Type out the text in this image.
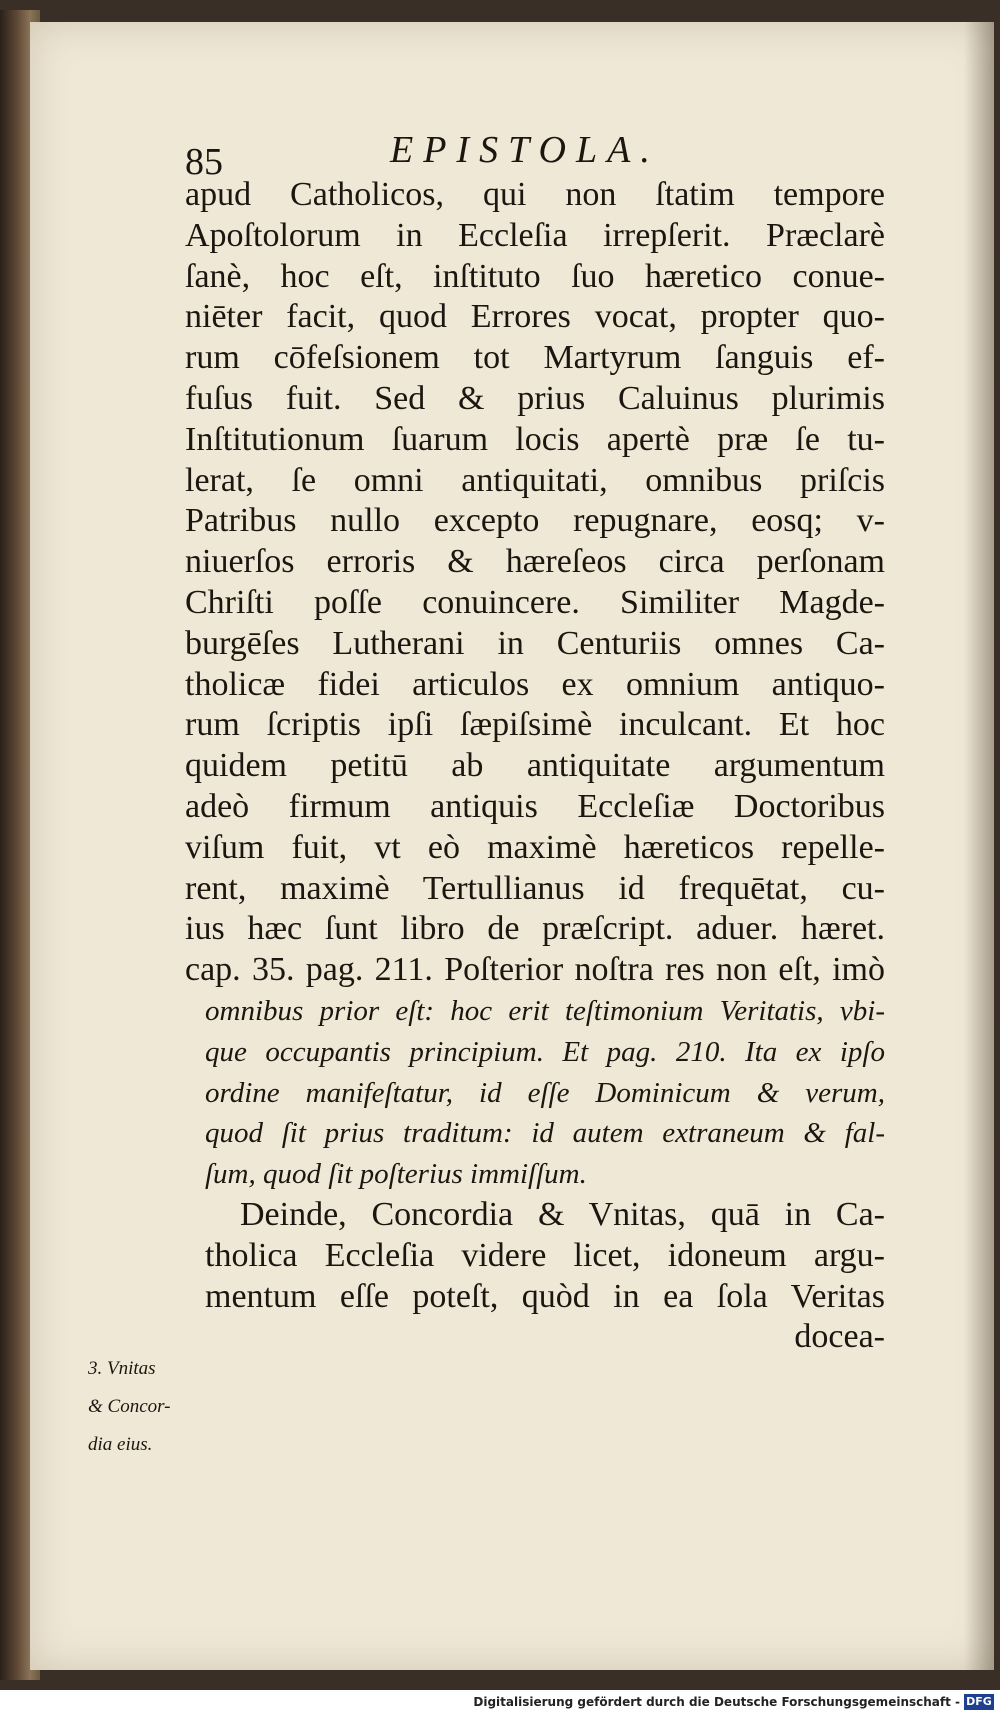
85	EPISTOLA.
apud Catholicos, qui non ſtatim tempore
Apoſtolorum in Eccleſia irrepſerit. Præclarè
ſanè, hoc eſt, inſtituto ſuo hæretico conue-
niēter facit, quod Errores vocat, propter quo-
rum cōfeſsionem tot Martyrum ſanguis ef-
fuſus fuit. Sed & prius Caluinus plurimis
Inſtitutionum ſuarum locis apertè præ ſe tu-
lerat, ſe omni antiquitati, omnibus priſcis
Patribus nullo excepto repugnare, eosq; v-
niuerſos erroris & hæreſeos circa perſonam
Chriſti poſſe conuincere. Similiter Magde-
burgēſes Lutherani in Centuriis omnes Ca-
tholicæ fidei articulos ex omnium antiquo-
rum ſcriptis ipſi ſæpiſsimè inculcant. Et hoc
quidem petitū ab antiquitate argumentum
adeò firmum antiquis Eccleſiæ Doctoribus
viſum fuit, vt eò maximè hæreticos repelle-
rent, maximè Tertullianus id frequētat, cu-
ius hæc ſunt libro de præſcript. aduer. hæret.
cap. 35. pag. 211. Poſterior noſtra res non eſt, imò
omnibus prior eſt: hoc erit teſtimonium Veritatis, vbi-
que occupantis principium. Et pag. 210. Ita ex ipſo
ordine manifeſtatur, id eſſe Dominicum & verum,
quod ſit prius traditum: id autem extraneum & fal-
ſum, quod ſit poſterius immiſſum.
Deinde, Concordia & Vnitas, quā in Ca-
tholica Eccleſia videre licet, idoneum argu-
mentum eſſe poteſt, quòd in ea ſola Veritas
docea-
3. Vnitas
& Concor-
dia eius.
Digitalisierung gefördert durch die Deutsche Forschungsgemeinschaft - DFG
